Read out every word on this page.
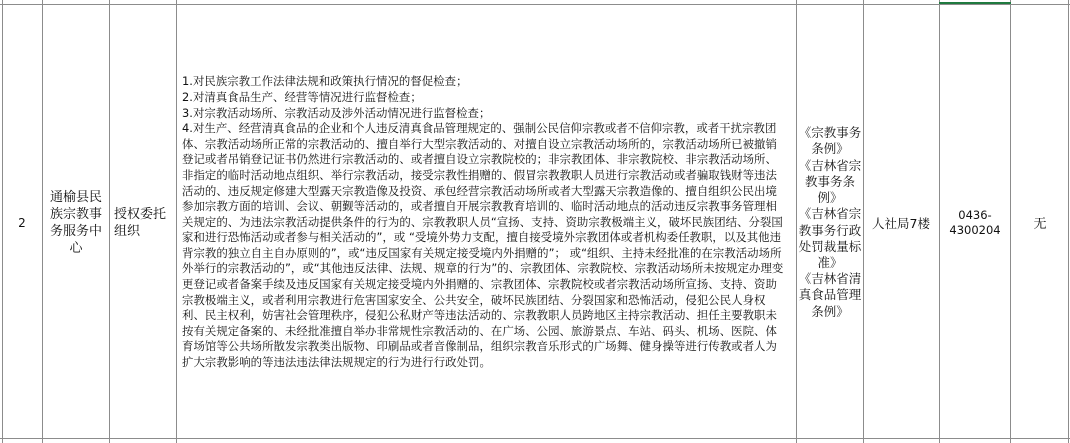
2
通榆县民族宗教事务服务中心
授权委托组织
1.对民族宗教工作法律法规和政策执行情况的督促检查；
2.对清真食品生产、经营等情况进行监督检查；
3.对宗教活动场所、宗教活动及涉外活动情况进行监督检查；
4.对生产、经营清真食品的企业和个人违反清真食品管理规定的、强制公民信仰宗教或者不信仰宗教，或者干扰宗教团体、宗教活动场所正常的宗教活动的、擅自举行大型宗教活动的、对擅自设立宗教活动场所的，宗教活动场所已被撤销登记或者吊销登记证书仍然进行宗教活动的、或者擅自设立宗教院校的；非宗教团体、非宗教院校、非宗教活动场所、非指定的临时活动地点组织、举行宗教活动，接受宗教性捐赠的、假冒宗教教职人员进行宗教活动或者骗取钱财等违法活动的、违反规定修建大型露天宗教造像及投资、承包经营宗教活动场所或者大型露天宗教造像的、擅自组织公民出境参加宗教方面的培训、会议、朝觐等活动的，或者擅自开展宗教教育培训的、临时活动地点的活动违反宗教事务管理相关规定的、为违法宗教活动提供条件的行为的、宗教教职人员“宣扬、支持、资助宗教极端主义，破坏民族团结、分裂国家和进行恐怖活动或者参与相关活动的”，或 “受境外势力支配，擅自接受境外宗教团体或者机构委任教职，以及其他违背宗教的独立自主自办原则的”，或“违反国家有关规定接受境内外捐赠的”； 或“组织、主持未经批准的在宗教活动场所外举行的宗教活动的”，或“其他违反法律、法规、规章的行为”的、宗教团体、宗教院校、宗教活动场所未按规定办理变更登记或者备案手续及违反国家有关规定接受境内外捐赠的、宗教团体、宗教院校或者宗教活动场所宣扬、支持、资助宗教极端主义，或者利用宗教进行危害国家安全、公共安全，破坏民族团结、分裂国家和恐怖活动，侵犯公民人身权利、民主权利，妨害社会管理秩序，侵犯公私财产等违法活动的、宗教教职人员跨地区主持宗教活动、担任主要教职未按有关规定备案的、未经批准擅自举办非常规性宗教活动的、在广场、公园、旅游景点、车站、码头、机场、医院、体育场馆等公共场所散发宗教类出版物、印刷品或者音像制品，组织宗教音乐形式的广场舞、健身操等进行传教或者人为扩大宗教影响的等违法违法律法规规定的行为进行行政处罚。
《宗教事务条例》
《吉林省宗教事务条例》
《吉林省宗教事务行政处罚裁量标准》
《吉林省清真食品管理条例》
人社局7楼
0436-4300204	无
